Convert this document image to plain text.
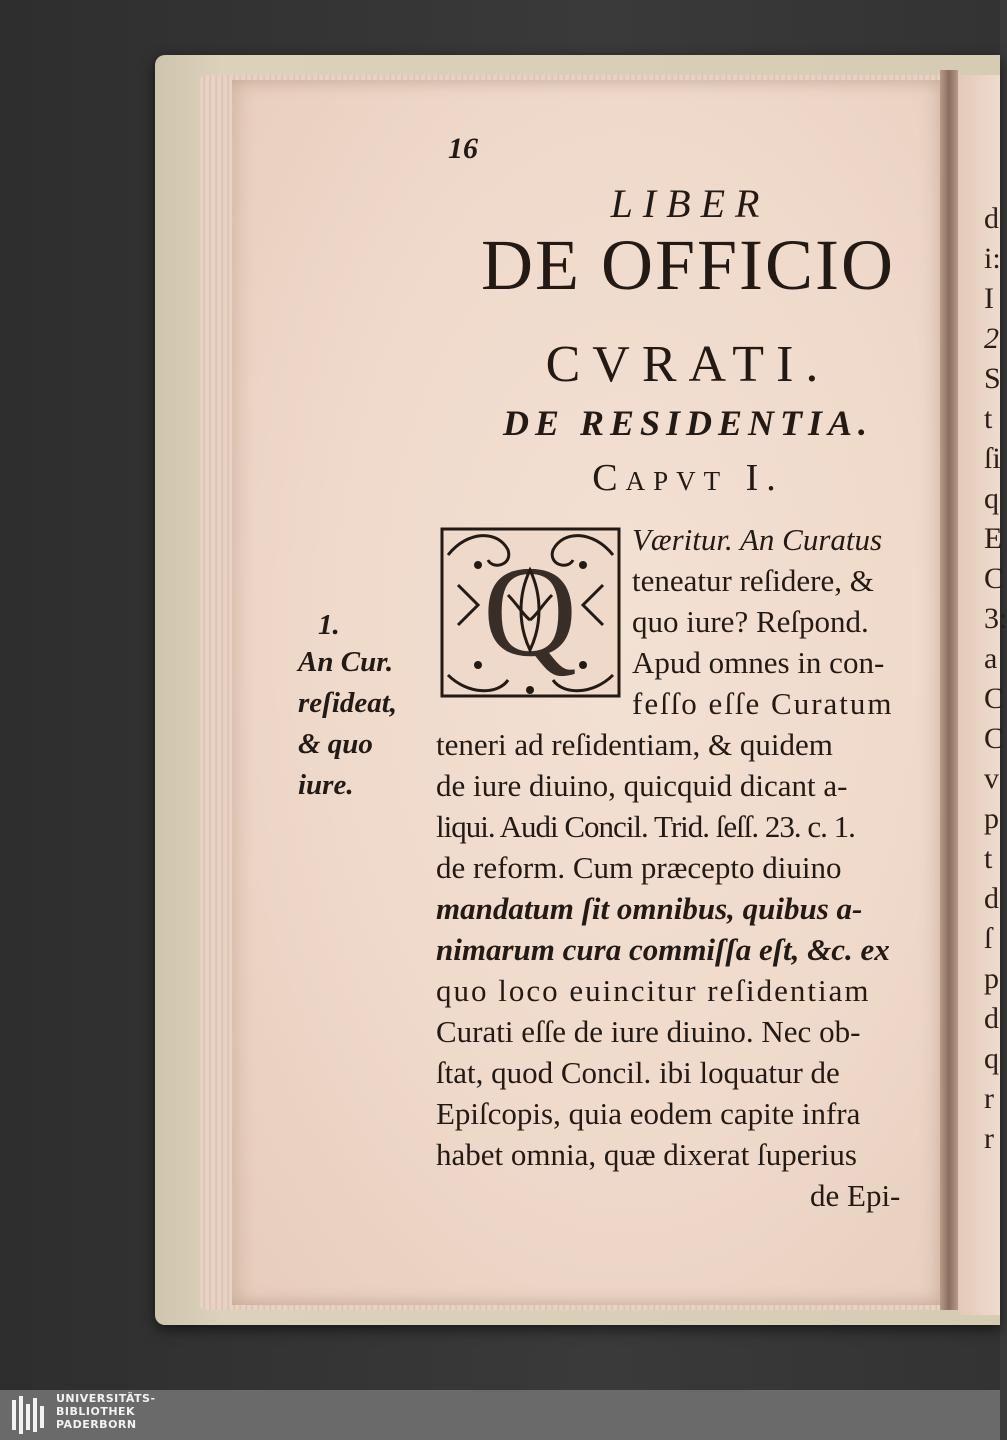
d
i:
I
2
S
t
ſi
q
E
C
3:
a
C
C
v
p
t
d
ſ
p
d
q
r
r
16
LIBER
DE OFFICIO
CVRATI.
DE RESIDENTIA.
Capvt I.
Q
Væritur. An Curatus
teneatur reſidere, &
quo iure? Reſpond.
Apud omnes in con-
feſſo eſſe Curatum
teneri ad reſidentiam, & quidem
de iure diuino, quicquid dicant a-
liqui. Audi Concil. Trid. ſeſſ. 23. c. 1.
de reform. Cum præcepto diuino
mandatum ſit omnibus, quibus a-
nimarum cura commiſſa eſt, &c. ex
quo loco euincitur reſidentiam
Curati eſſe de iure diuino. Nec ob-
ſtat, quod Concil. ibi loquatur de
Epiſcopis, quia eodem capite infra
habet omnia, quæ dixerat ſuperius
de Epi-
1.
An Cur.
reſideat,
& quo
iure.
UNIVERSITÄTS-
BIBLIOTHEK
PADERBORN
